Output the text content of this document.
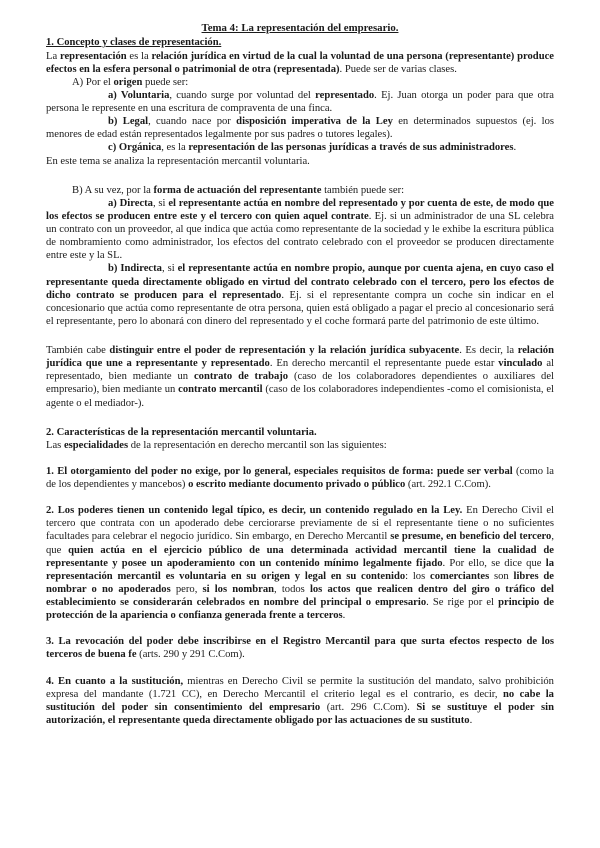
Tema 4: La representación del empresario.
1. Concepto y clases de representación.

La representación es la relación jurídica en virtud de la cual la voluntad de una persona (representante) produce efectos en la esfera personal o patrimonial de otra (representada). Puede ser de varias clases.

A) Por el origen puede ser:

a) Voluntaria, cuando surge por voluntad del representado. Ej. Juan otorga un poder para que otra persona le represente en una escritura de compraventa de una finca.

b) Legal, cuando nace por disposición imperativa de la Ley en determinados supuestos (ej. los menores de edad están representados legalmente por sus padres o tutores legales).

c) Orgánica, es la representación de las personas jurídicas a través de sus administradores.

En este tema se analiza la representación mercantil voluntaria.

B) A su vez, por la forma de actuación del representante también puede ser:

a) Directa, si el representante actúa en nombre del representado y por cuenta de este, de modo que los efectos se producen entre este y el tercero con quien aquel contrate. Ej. si un administrador de una SL celebra un contrato con un proveedor, al que indica que actúa como representante de la sociedad y le exhibe la escritura pública de nombramiento como administrador, los efectos del contrato celebrado con el proveedor se producen directamente entre este y la SL.

b) Indirecta, si el representante actúa en nombre propio, aunque por cuenta ajena, en cuyo caso el representante queda directamente obligado en virtud del contrato celebrado con el tercero, pero los efectos de dicho contrato se producen para el representado. Ej. si el representante compra un coche sin indicar en el concesionario que actúa como representante de otra persona, quien está obligado a pagar el precio al concesionario será el representante, pero lo abonará con dinero del representado y el coche formará parte del patrimonio de este último.

También cabe distinguir entre el poder de representación y la relación jurídica subyacente. Es decir, la relación jurídica que une a representante y representado. En derecho mercantil el representante puede estar vinculado al representado, bien mediante un contrato de trabajo (caso de los colaboradores dependientes o auxiliares del empresario), bien mediante un contrato mercantil (caso de los colaboradores independientes -como el comisionista, el agente o el mediador-).

2. Características de la representación mercantil voluntaria.

Las especialidades de la representación en derecho mercantil son las siguientes:

1. El otorgamiento del poder no exige, por lo general, especiales requisitos de forma: puede ser verbal (como la de los dependientes y mancebos) o escrito mediante documento privado o público (art. 292.1 C.Com).

2. Los poderes tienen un contenido legal típico, es decir, un contenido regulado en la Ley. En Derecho Civil el tercero que contrata con un apoderado debe cerciorarse previamente de si el representante tiene o no suficientes facultades para celebrar el negocio jurídico. Sin embargo, en Derecho Mercantil se presume, en beneficio del tercero, que quien actúa en el ejercicio público de una determinada actividad mercantil tiene la cualidad de representante y posee un apoderamiento con un contenido mínimo legalmente fijado. Por ello, se dice que la representación mercantil es voluntaria en su origen y legal en su contenido: los comerciantes son libres de nombrar o no apoderados pero, si los nombran, todos los actos que realicen dentro del giro o tráfico del establecimiento se considerarán celebrados en nombre del principal o empresario. Se rige por el principio de protección de la apariencia o confianza generada frente a terceros.

3. La revocación del poder debe inscribirse en el Registro Mercantil para que surta efectos respecto de los terceros de buena fe (arts. 290 y 291 C.Com).

4. En cuanto a la sustitución, mientras en Derecho Civil se permite la sustitución del mandato, salvo prohibición expresa del mandante (1.721 CC), en Derecho Mercantil el criterio legal es el contrario, es decir, no cabe la sustitución del poder sin consentimiento del empresario (art. 296 C.Com). Si se sustituye el poder sin autorización, el representante queda directamente obligado por las actuaciones de su sustituto.
